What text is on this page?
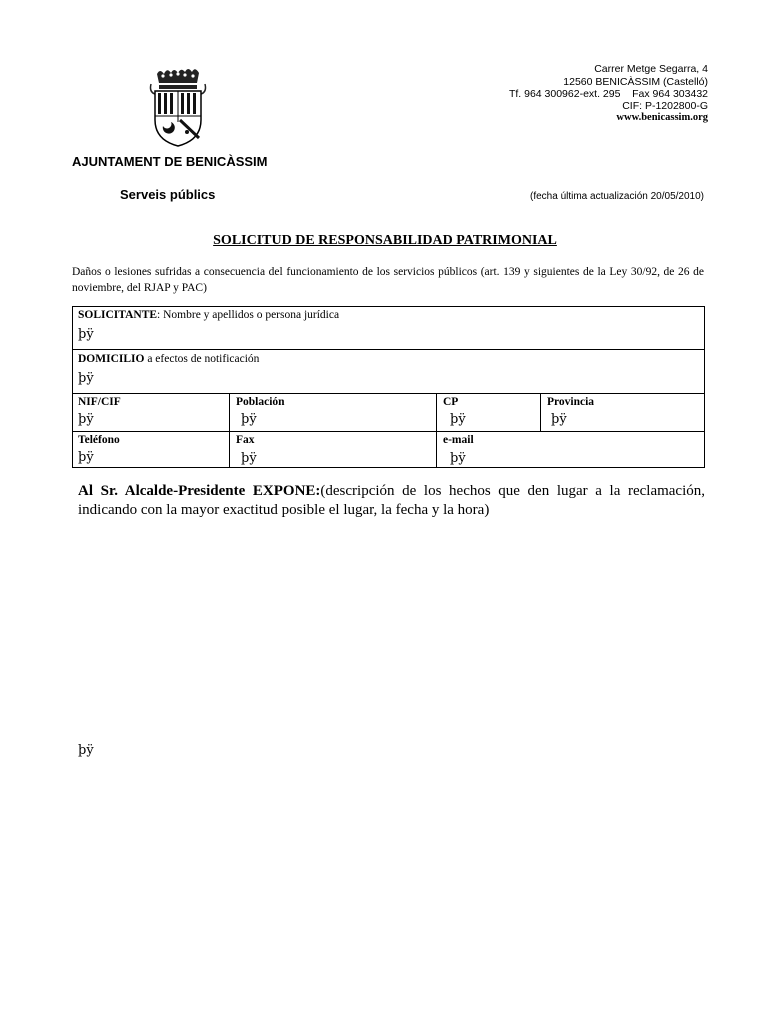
Carrer Metge Segarra, 4
12560 BENICÀSSIM (Castelló)
Tf. 964 300962-ext. 295    Fax 964 303432
CIF: P-1202800-G
www.benicassim.org
AJUNTAMENT DE BENICÀSSIM
Serveis públics	(fecha última actualización 20/05/2010)
SOLICITUD DE RESPONSABILIDAD PATRIMONIAL
Daños o lesiones sufridas a consecuencia del funcionamiento de los servicios públicos (art. 139 y siguientes de la Ley 30/92, de 26 de noviembre, del RJAP y PAC)
SOLICITANTE: Nombre y apellidos o persona jurídica
þÿ
DOMICILIO a efectos de notificación
þÿ
NIF/CIF
þÿ
Población
þÿ
CP
þÿ
Provincia
þÿ
Teléfono
þÿ
Fax
þÿ
e-mail
þÿ
Al Sr. Alcalde-Presidente EXPONE:(descripción de los hechos que den lugar a la reclamación, indicando con la mayor exactitud posible el lugar, la fecha y la hora)
þÿ
